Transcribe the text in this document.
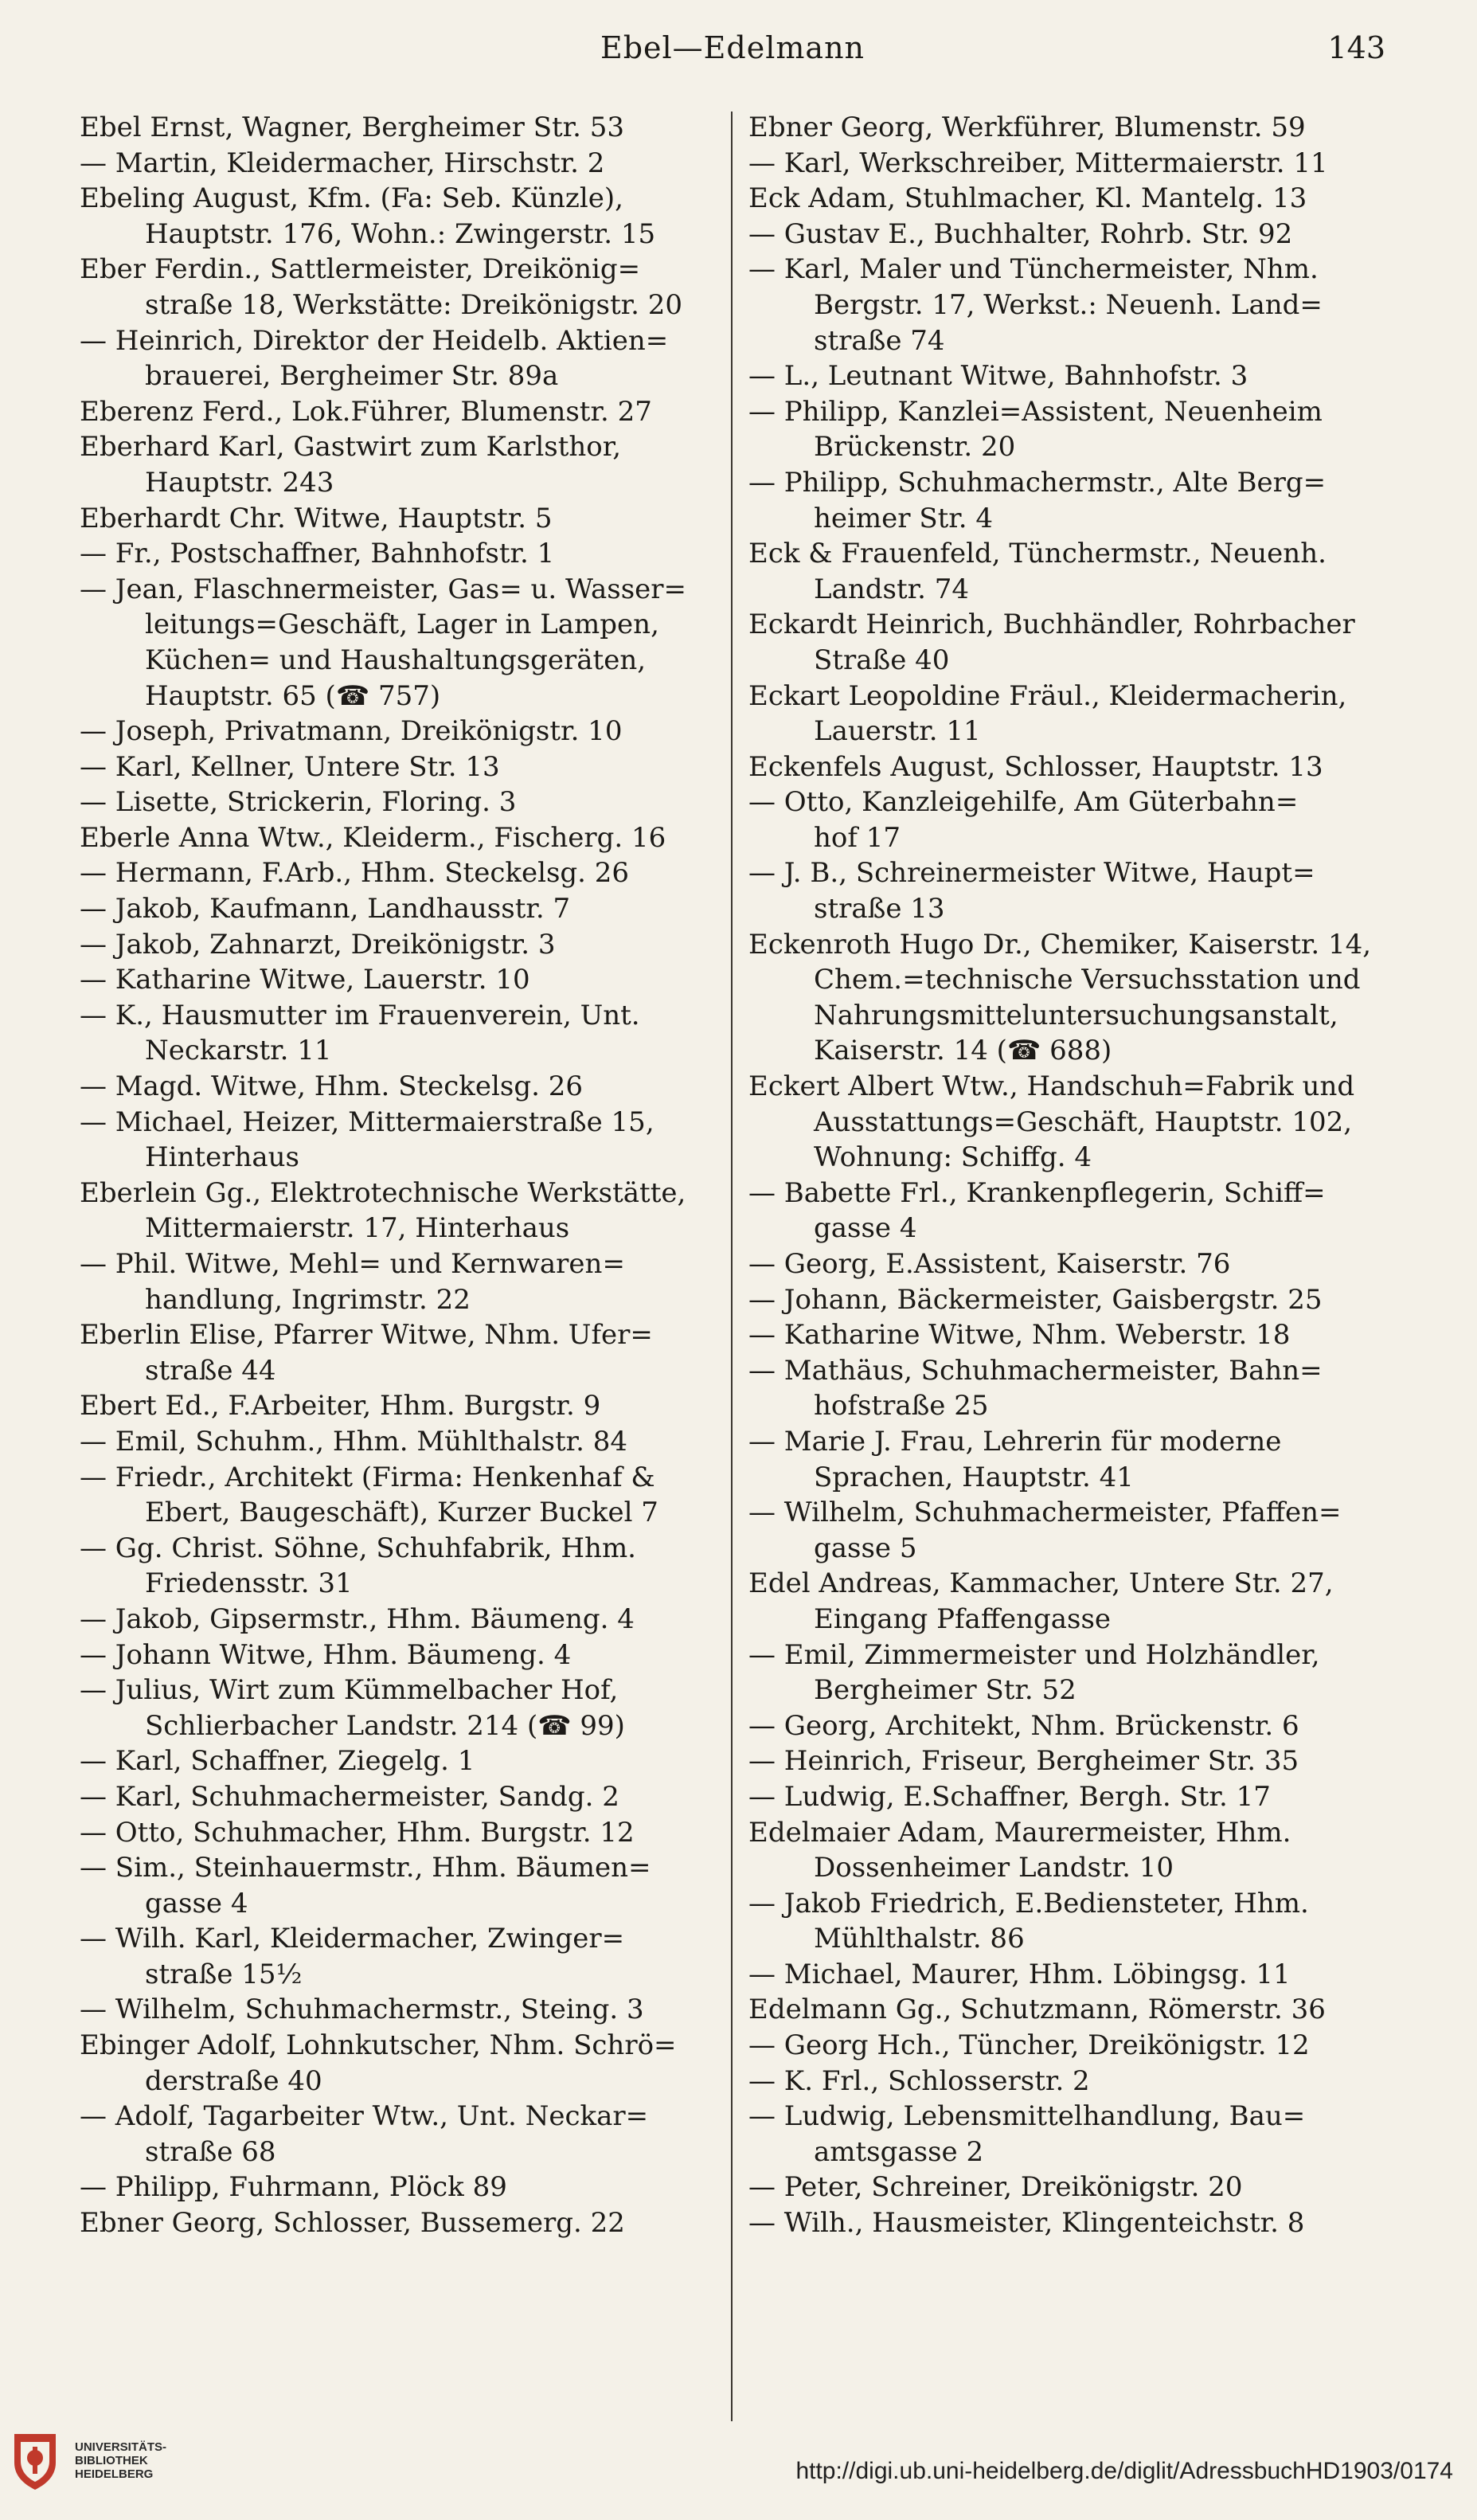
Ebel—Edelmann	143
Ebel Ernst, Wagner, Bergheimer Str. 53
— Martin, Kleidermacher, Hirschstr. 2
Ebeling August, Kfm. (Fa: Seb. Künzle),
Hauptstr. 176, Wohn.: Zwingerstr. 15
Eber Ferdin., Sattlermeister, Dreikönig=
straße 18, Werkstätte: Dreikönigstr. 20
— Heinrich, Direktor der Heidelb. Aktien=
brauerei, Bergheimer Str. 89a
Eberenz Ferd., Lok.Führer, Blumenstr. 27
Eberhard Karl, Gastwirt zum Karlsthor,
Hauptstr. 243
Eberhardt Chr. Witwe, Hauptstr. 5
— Fr., Postschaffner, Bahnhofstr. 1
— Jean, Flaschnermeister, Gas= u. Wasser=
leitungs=Geschäft, Lager in Lampen,
Küchen= und Haushaltungsgeräten,
Hauptstr. 65 (☎ 757)
— Joseph, Privatmann, Dreikönigstr. 10
— Karl, Kellner, Untere Str. 13
— Lisette, Strickerin, Floring. 3
Eberle Anna Wtw., Kleiderm., Fischerg. 16
— Hermann, F.Arb., Hhm. Steckelsg. 26
— Jakob, Kaufmann, Landhausstr. 7
— Jakob, Zahnarzt, Dreikönigstr. 3
— Katharine Witwe, Lauerstr. 10
— K., Hausmutter im Frauenverein, Unt.
Neckarstr. 11
— Magd. Witwe, Hhm. Steckelsg. 26
— Michael, Heizer, Mittermaierstraße 15,
Hinterhaus
Eberlein Gg., Elektrotechnische Werkstätte,
Mittermaierstr. 17, Hinterhaus
— Phil. Witwe, Mehl= und Kernwaren=
handlung, Ingrimstr. 22
Eberlin Elise, Pfarrer Witwe, Nhm. Ufer=
straße 44
Ebert Ed., F.Arbeiter, Hhm. Burgstr. 9
— Emil, Schuhm., Hhm. Mühlthalstr. 84
— Friedr., Architekt (Firma: Henkenhaf &
Ebert, Baugeschäft), Kurzer Buckel 7
— Gg. Christ. Söhne, Schuhfabrik, Hhm.
Friedensstr. 31
— Jakob, Gipsermstr., Hhm. Bäumeng. 4
— Johann Witwe, Hhm. Bäumeng. 4
— Julius, Wirt zum Kümmelbacher Hof,
Schlierbacher Landstr. 214 (☎ 99)
— Karl, Schaffner, Ziegelg. 1
— Karl, Schuhmachermeister, Sandg. 2
— Otto, Schuhmacher, Hhm. Burgstr. 12
— Sim., Steinhauermstr., Hhm. Bäumen=
gasse 4
— Wilh. Karl, Kleidermacher, Zwinger=
straße 15½
— Wilhelm, Schuhmachermstr., Steing. 3
Ebinger Adolf, Lohnkutscher, Nhm. Schrö=
derstraße 40
— Adolf, Tagarbeiter Wtw., Unt. Neckar=
straße 68
— Philipp, Fuhrmann, Plöck 89
Ebner Georg, Schlosser, Bussemerg. 22
Ebner Georg, Werkführer, Blumenstr. 59
— Karl, Werkschreiber, Mittermaierstr. 11
Eck Adam, Stuhlmacher, Kl. Mantelg. 13
— Gustav E., Buchhalter, Rohrb. Str. 92
— Karl, Maler und Tünchermeister, Nhm.
Bergstr. 17, Werkst.: Neuenh. Land=
straße 74
— L., Leutnant Witwe, Bahnhofstr. 3
— Philipp, Kanzlei=Assistent, Neuenheim
Brückenstr. 20
— Philipp, Schuhmachermstr., Alte Berg=
heimer Str. 4
Eck & Frauenfeld, Tünchermstr., Neuenh.
Landstr. 74
Eckardt Heinrich, Buchhändler, Rohrbacher
Straße 40
Eckart Leopoldine Fräul., Kleidermacherin,
Lauerstr. 11
Eckenfels August, Schlosser, Hauptstr. 13
— Otto, Kanzleigehilfe, Am Güterbahn=
hof 17
— J. B., Schreinermeister Witwe, Haupt=
straße 13
Eckenroth Hugo Dr., Chemiker, Kaiserstr. 14,
Chem.=technische Versuchsstation und
Nahrungsmitteluntersuchungsanstalt,
Kaiserstr. 14 (☎ 688)
Eckert Albert Wtw., Handschuh=Fabrik und
Ausstattungs=Geschäft, Hauptstr. 102,
Wohnung: Schiffg. 4
— Babette Frl., Krankenpflegerin, Schiff=
gasse 4
— Georg, E.Assistent, Kaiserstr. 76
— Johann, Bäckermeister, Gaisbergstr. 25
— Katharine Witwe, Nhm. Weberstr. 18
— Mathäus, Schuhmachermeister, Bahn=
hofstraße 25
— Marie J. Frau, Lehrerin für moderne
Sprachen, Hauptstr. 41
— Wilhelm, Schuhmachermeister, Pfaffen=
gasse 5
Edel Andreas, Kammacher, Untere Str. 27,
Eingang Pfaffengasse
— Emil, Zimmermeister und Holzhändler,
Bergheimer Str. 52
— Georg, Architekt, Nhm. Brückenstr. 6
— Heinrich, Friseur, Bergheimer Str. 35
— Ludwig, E.Schaffner, Bergh. Str. 17
Edelmaier Adam, Maurermeister, Hhm.
Dossenheimer Landstr. 10
— Jakob Friedrich, E.Bediensteter, Hhm.
Mühlthalstr. 86
— Michael, Maurer, Hhm. Löbingsg. 11
Edelmann Gg., Schutzmann, Römerstr. 36
— Georg Hch., Tüncher, Dreikönigstr. 12
— K. Frl., Schlosserstr. 2
— Ludwig, Lebensmittelhandlung, Bau=
amtsgasse 2
— Peter, Schreiner, Dreikönigstr. 20
— Wilh., Hausmeister, Klingenteichstr. 8
UNIVERSITÄTS-
BIBLIOTHEK
HEIDELBERG	http://digi.ub.uni-heidelberg.de/diglit/AdressbuchHD1903/0174
